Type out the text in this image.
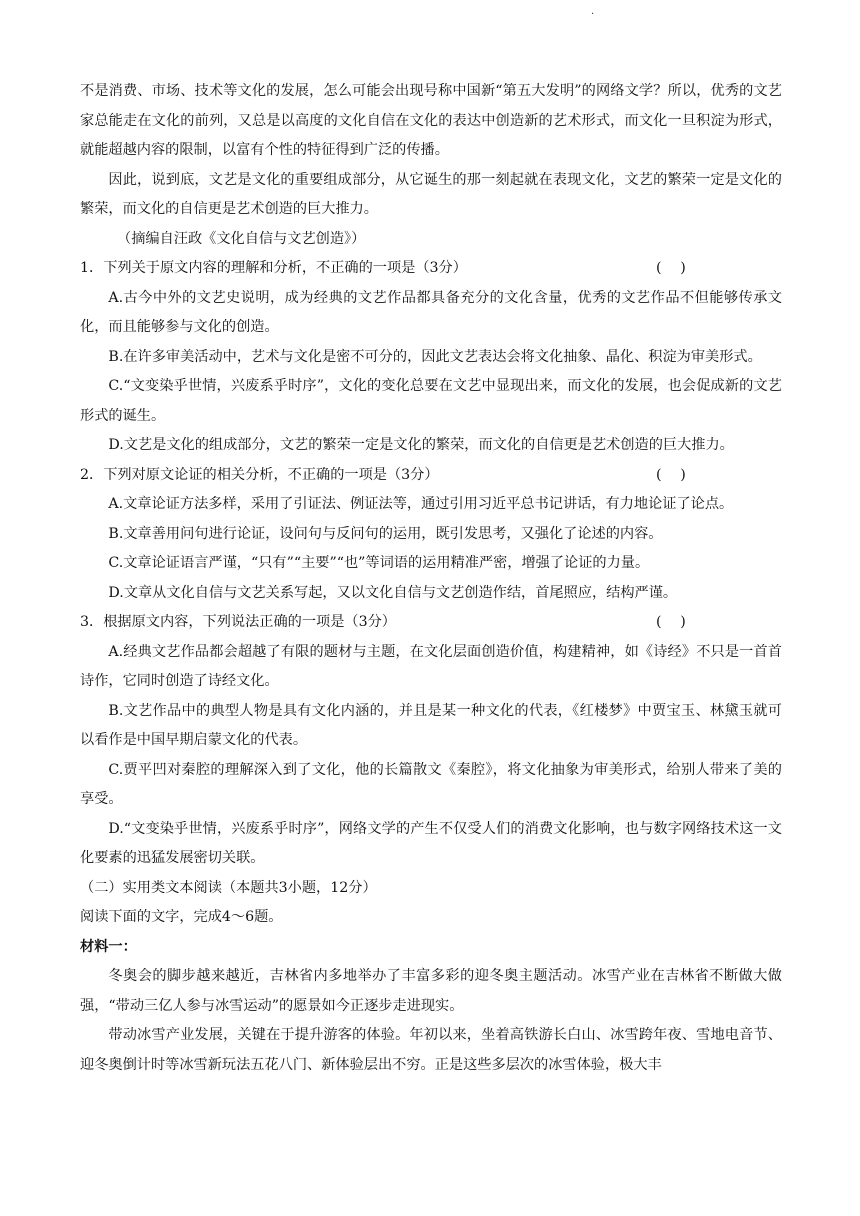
.

不是消费、市场、技术等文化的发展，怎么可能会出现号称中国新“第五大发明”的网络文学？所以，优秀的文艺家总能走在文化的前列，又总是以高度的文化自信在文化的表达中创造新的艺术形式，而文化一旦积淀为形式，就能超越内容的限制，以富有个性的特征得到广泛的传播。

因此，说到底，文艺是文化的重要组成部分，从它诞生的那一刻起就在表现文化，文艺的繁荣一定是文化的繁荣，而文化的自信更是艺术创造的巨大推力。

（摘编自汪政《文化自信与文艺创造》）

1．下列关于原文内容的理解和分析，不正确的一项是（3分）	(　 )

A.古今中外的文艺史说明，成为经典的文艺作品都具备充分的文化含量，优秀的文艺作品不但能够传承文化，而且能够参与文化的创造。

B.在许多审美活动中，艺术与文化是密不可分的，因此文艺表达会将文化抽象、晶化、积淀为审美形式。

C.“文变染乎世情，兴废系乎时序”，文化的变化总要在文艺中显现出来，而文化的发展，也会促成新的文艺形式的诞生。

D.文艺是文化的组成部分，文艺的繁荣一定是文化的繁荣，而文化的自信更是艺术创造的巨大推力。

2．下列对原文论证的相关分析，不正确的一项是（3分）	(　 )

A.文章论证方法多样，采用了引证法、例证法等，通过引用习近平总书记讲话，有力地论证了论点。

B.文章善用问句进行论证，设问句与反问句的运用，既引发思考，又强化了论述的内容。

C.文章论证语言严谨，“只有”“主要”“也”等词语的运用精准严密，增强了论证的力量。

D.文章从文化自信与文艺关系写起，又以文化自信与文艺创造作结，首尾照应，结构严谨。

3．根据原文内容，下列说法正确的一项是（3分）	(　 )

A.经典文艺作品都会超越了有限的题材与主题，在文化层面创造价值，构建精神，如《诗经》不只是一首首诗作，它同时创造了诗经文化。

B.文艺作品中的典型人物是具有文化内涵的，并且是某一种文化的代表，《红楼梦》中贾宝玉、林黛玉就可以看作是中国早期启蒙文化的代表。

C.贾平凹对秦腔的理解深入到了文化，他的长篇散文《秦腔》，将文化抽象为审美形式，给别人带来了美的享受。

D.“文变染乎世情，兴废系乎时序”，网络文学的产生不仅受人们的消费文化影响，也与数字网络技术这一文化要素的迅猛发展密切关联。

（二）实用类文本阅读（本题共3小题，12分）

阅读下面的文字，完成4～6题。

材料一：

冬奥会的脚步越来越近，吉林省内多地举办了丰富多彩的迎冬奥主题活动。冰雪产业在吉林省不断做大做强，“带动三亿人参与冰雪运动”的愿景如今正逐步走进现实。

带动冰雪产业发展，关键在于提升游客的体验。年初以来，坐着高铁游长白山、冰雪跨年夜、雪地电音节、迎冬奥倒计时等冰雪新玩法五花八门、新体验层出不穷。正是这些多层次的冰雪体验，极大丰
